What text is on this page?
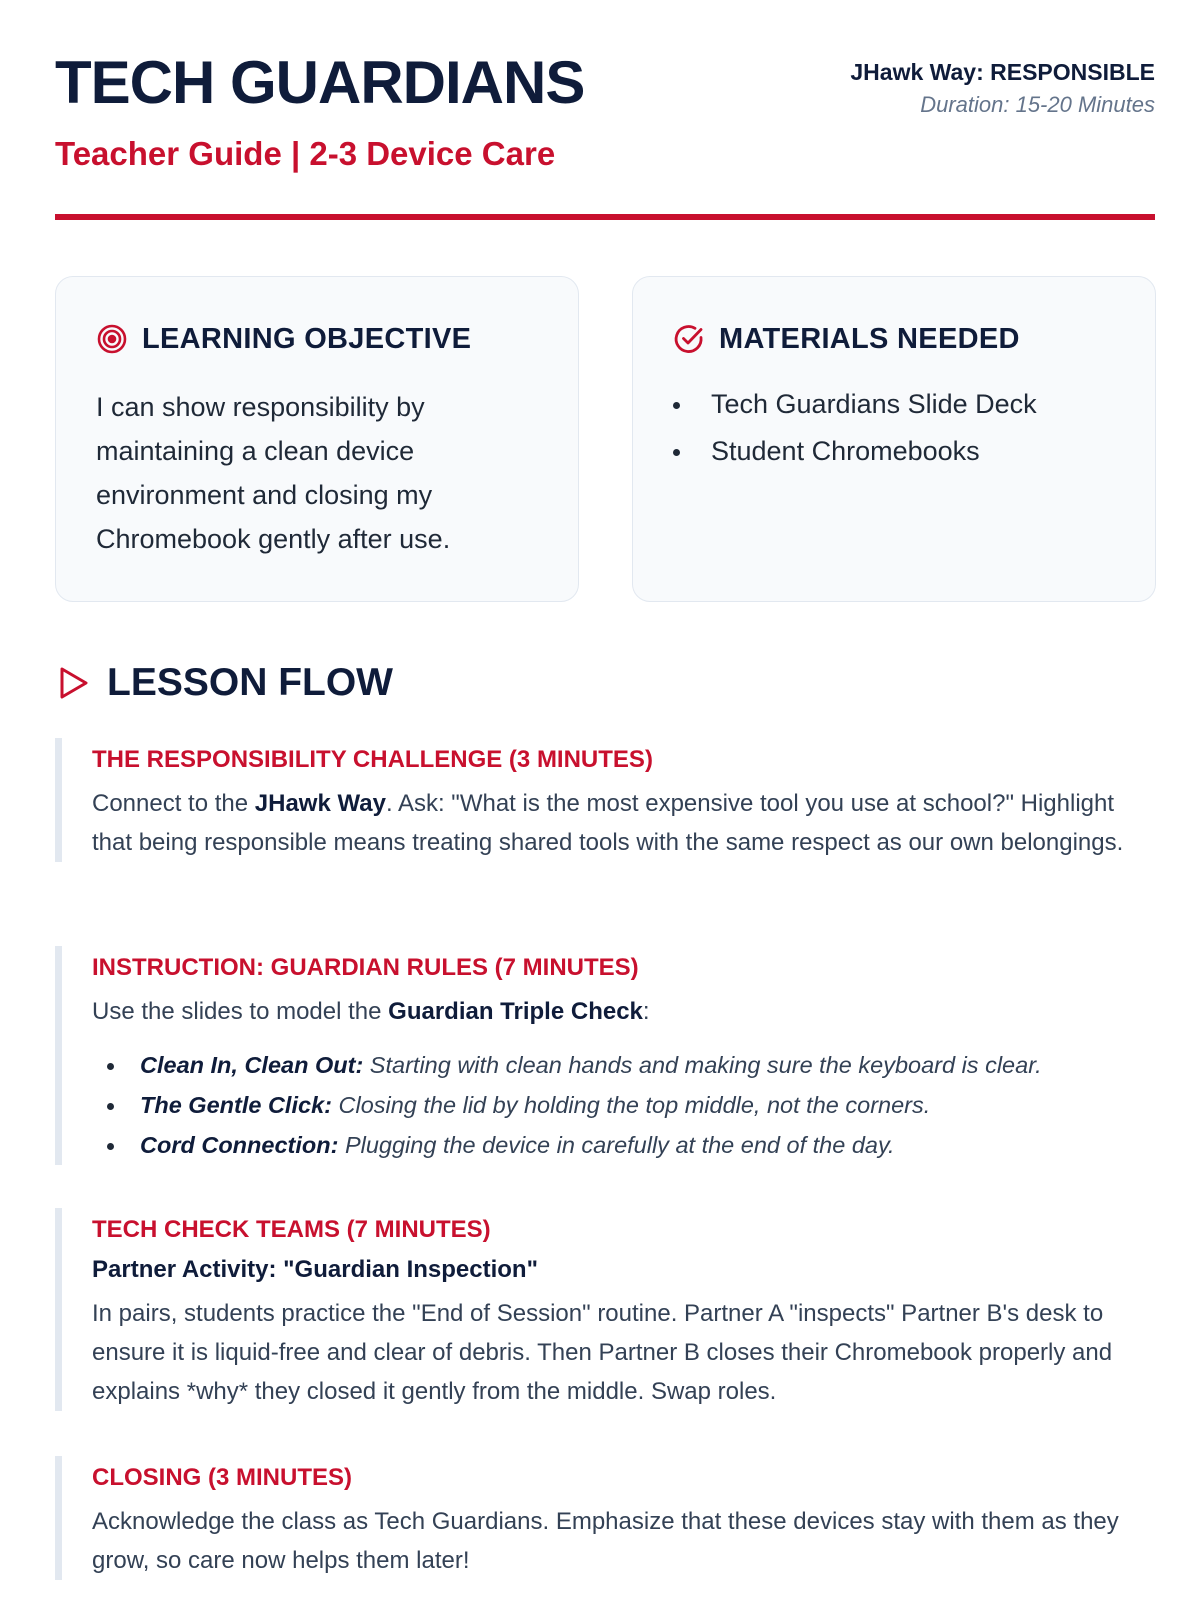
TECH GUARDIANS
Teacher Guide | 2-3 Device Care
JHawk Way: RESPONSIBLE
Duration: 15-20 Minutes
LEARNING OBJECTIVE

I can show responsibility by maintaining a clean device environment and closing my Chromebook gently after use.

MATERIALS NEEDED
Tech Guardians Slide Deck
Student Chromebooks
LESSON FLOW
THE RESPONSIBILITY CHALLENGE (3 MINUTES)

Connect to the JHawk Way. Ask: "What is the most expensive tool you use at school?" Highlight that being responsible means treating shared tools with the same respect as our own belongings.

INSTRUCTION: GUARDIAN RULES (7 MINUTES)

Use the slides to model the Guardian Triple Check:

Clean In, Clean Out: Starting with clean hands and making sure the keyboard is clear.
The Gentle Click: Closing the lid by holding the top middle, not the corners.
Cord Connection: Plugging the device in carefully at the end of the day.
TECH CHECK TEAMS (7 MINUTES)
Partner Activity: "Guardian Inspection"

In pairs, students practice the "End of Session" routine. Partner A "inspects" Partner B's desk to ensure it is liquid-free and clear of debris. Then Partner B closes their Chromebook properly and explains *why* they closed it gently from the middle. Swap roles.

CLOSING (3 MINUTES)

Acknowledge the class as Tech Guardians. Emphasize that these devices stay with them as they grow, so care now helps them later!
